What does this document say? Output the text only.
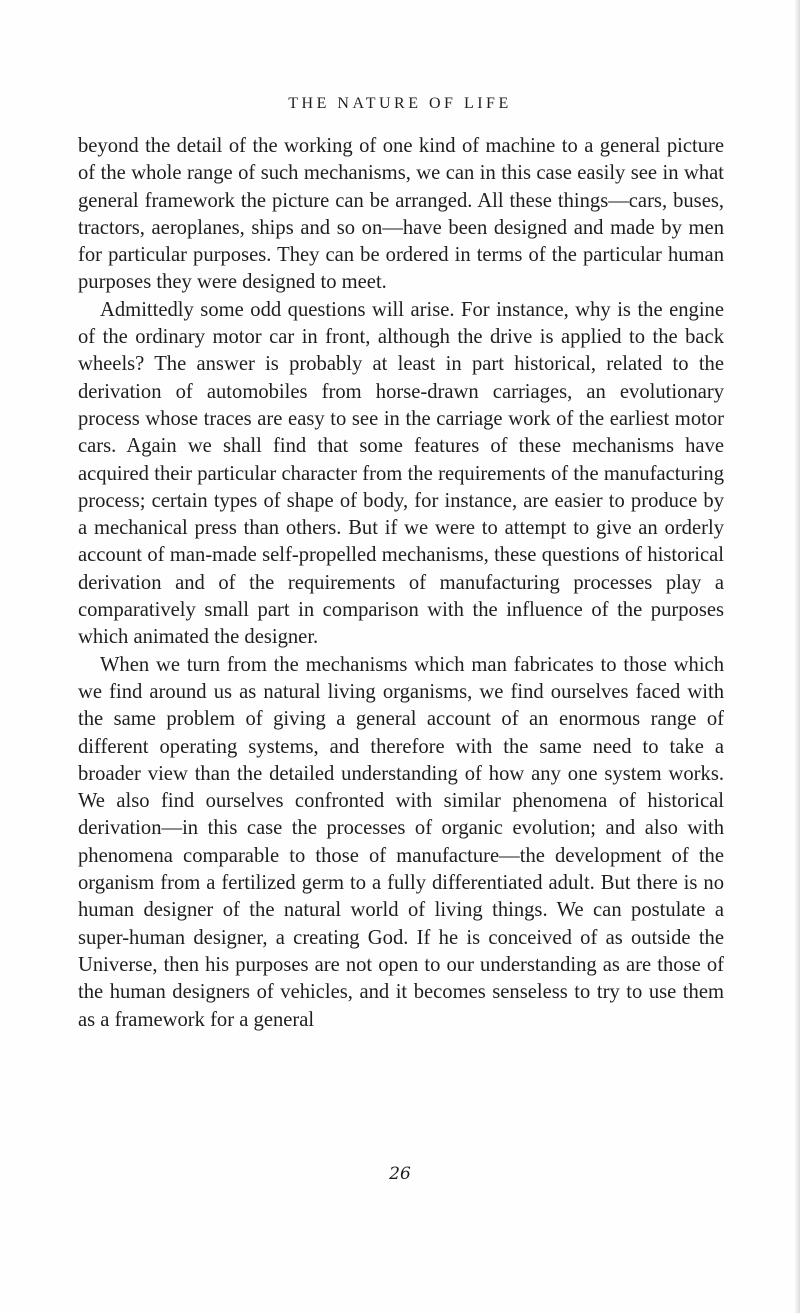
THE NATURE OF LIFE

beyond the detail of the working of one kind of machine to a general picture of the whole range of such mechanisms, we can in this case easily see in what general framework the picture can be arranged. All these things—cars, buses, tractors, aeroplanes, ships and so on—have been designed and made by men for particular purposes. They can be ordered in terms of the particular human purposes they were designed to meet.

Admittedly some odd questions will arise. For instance, why is the engine of the ordinary motor car in front, although the drive is applied to the back wheels? The answer is probably at least in part historical, related to the derivation of automobiles from horse-drawn carriages, an evolutionary process whose traces are easy to see in the carriage work of the earliest motor cars. Again we shall find that some features of these mechanisms have acquired their particular character from the requirements of the manufacturing process; certain types of shape of body, for instance, are easier to produce by a mechanical press than others. But if we were to attempt to give an orderly account of man-made self-propelled mechanisms, these questions of historical derivation and of the requirements of manufacturing processes play a comparatively small part in comparison with the influence of the purposes which animated the designer.

When we turn from the mechanisms which man fabricates to those which we find around us as natural living organisms, we find ourselves faced with the same problem of giving a general account of an enormous range of different operating systems, and therefore with the same need to take a broader view than the detailed understanding of how any one system works. We also find ourselves confronted with similar phenomena of historical derivation—in this case the processes of organic evolution; and also with phenomena comparable to those of manufacture—the development of the organism from a fertilized germ to a fully differentiated adult. But there is no human designer of the natural world of living things. We can postulate a super-human designer, a creating God. If he is conceived of as outside the Universe, then his purposes are not open to our understanding as are those of the human designers of vehicles, and it becomes senseless to try to use them as a framework for a general

26
